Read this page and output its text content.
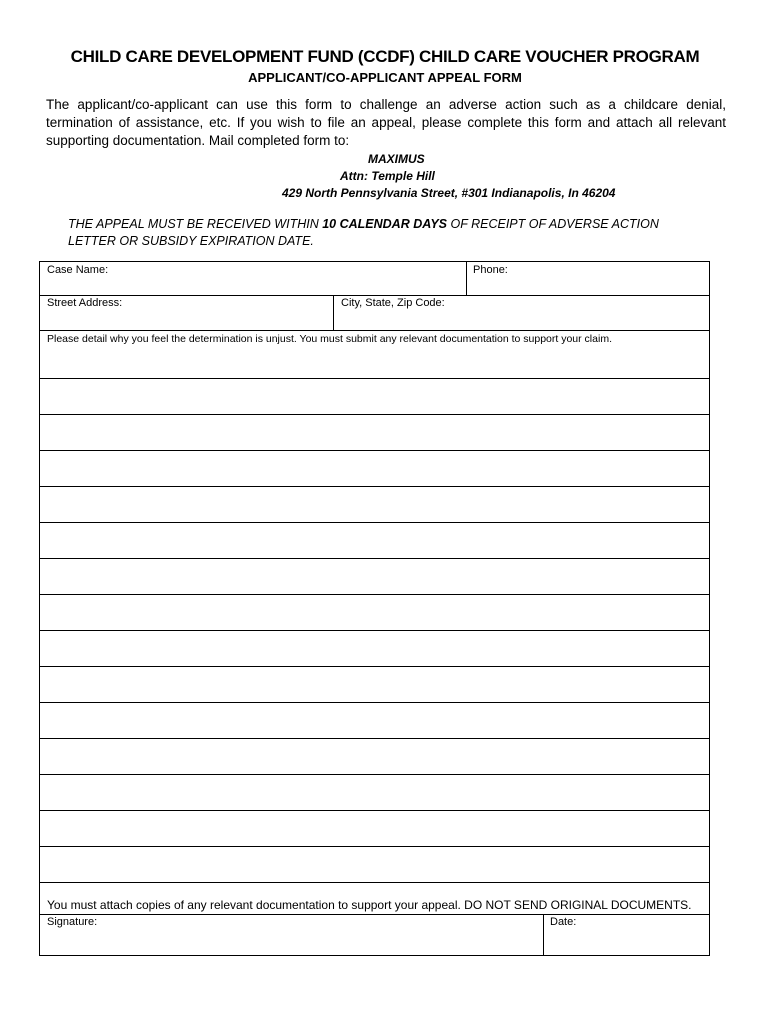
CHILD CARE DEVELOPMENT FUND (CCDF) CHILD CARE VOUCHER PROGRAM
APPLICANT/CO-APPLICANT APPEAL FORM
The applicant/co-applicant can use this form to challenge an adverse action such as a childcare denial, termination of assistance, etc. If you wish to file an appeal, please complete this form and attach all relevant supporting documentation. Mail completed form to:
MAXIMUS
Attn: Temple Hill
429 North Pennsylvania Street, #301 Indianapolis, In 46204
THE APPEAL MUST BE RECEIVED WITHIN 10 CALENDAR DAYS OF RECEIPT OF ADVERSE ACTION LETTER OR SUBSIDY EXPIRATION DATE.
Case Name:	Phone:
Street Address:	City, State, Zip Code:
Please detail why you feel the determination is unjust. You must submit any relevant documentation to support your claim.
You must attach copies of any relevant documentation to support your appeal. DO NOT SEND ORIGINAL DOCUMENTS.
Signature:	Date:
